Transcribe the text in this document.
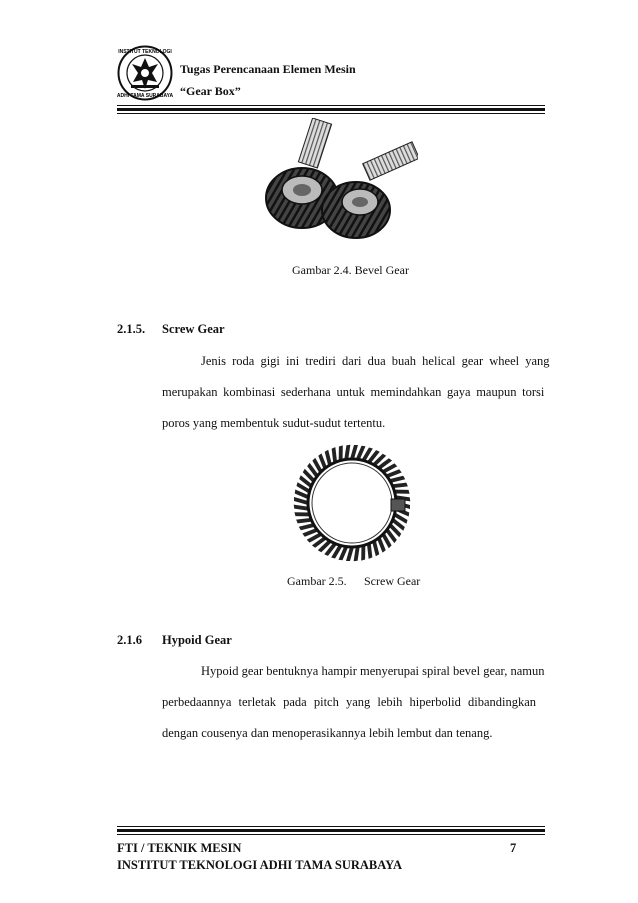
INSTITUT TEKNOLOGI
ADHI TAMA SURABAYA
Tugas Perencanaan Elemen Mesin
“Gear Box”
Gambar 2.4. Bevel Gear
2.1.5. Screw Gear
Jenis roda gigi ini trediri dari dua buah helical gear wheel yang
merupakan kombinasi sederhana untuk memindahkan gaya maupun torsi
poros yang membentuk sudut-sudut tertentu.
Gambar 2.5. Screw Gear
2.1.6 Hypoid Gear
Hypoid gear bentuknya hampir menyerupai spiral bevel gear, namun
perbedaannya terletak pada pitch yang lebih hiperbolid dibandingkan
dengan cousenya dan menoperasikannya lebih lembut dan tenang.
FTI / TEKNIK MESIN	7
INSTITUT TEKNOLOGI ADHI TAMA SURABAYA
